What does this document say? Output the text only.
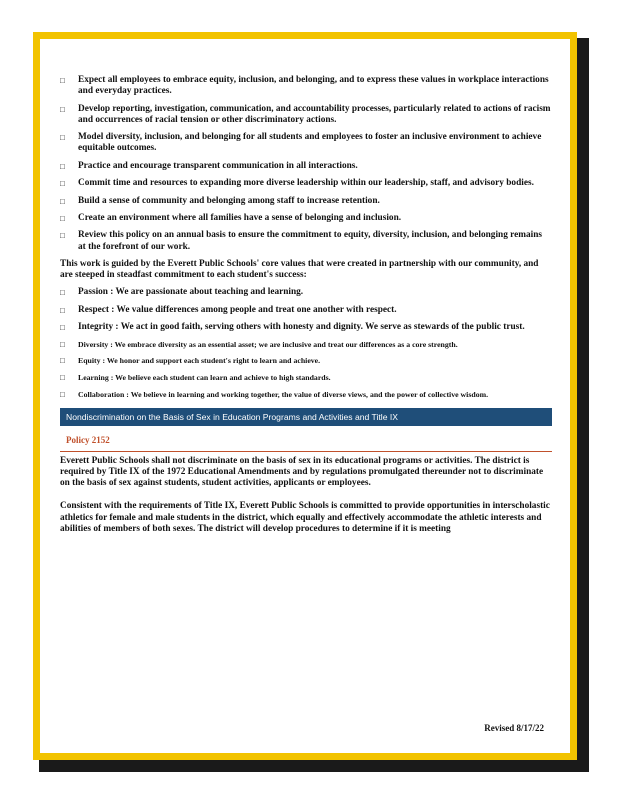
□ Expect all employees to embrace equity, inclusion, and belonging, and to express these values in workplace interactions and everyday practices.
□ Develop reporting, investigation, communication, and accountability processes, particularly related to actions of racism and occurrences of racial tension or other discriminatory actions.
□ Model diversity, inclusion, and belonging for all students and employees to foster an inclusive environment to achieve equitable outcomes.
□ Practice and encourage transparent communication in all interactions.
□ Commit time and resources to expanding more diverse leadership within our leadership, staff, and advisory bodies.
□ Build a sense of community and belonging among staff to increase retention.
□ Create an environment where all families have a sense of belonging and inclusion.
□ Review this policy on an annual basis to ensure the commitment to equity, diversity, inclusion, and belonging remains at the forefront of our work.

This work is guided by the Everett Public Schools' core values that were created in partnership with our community, and are steeped in steadfast commitment to each student's success:

□ Passion : We are passionate about teaching and learning.
□ Respect : We value differences among people and treat one another with respect.
□ Integrity : We act in good faith, serving others with honesty and dignity. We serve as stewards of the public trust.
□ Diversity : We embrace diversity as an essential asset; we are inclusive and treat our differences as a core strength.
□ Equity : We honor and support each student's right to learn and achieve.
□ Learning : We believe each student can learn and achieve to high standards.
□ Collaboration : We believe in learning and working together, the value of diverse views, and the power of collective wisdom.
Nondiscrimination on the Basis of Sex in Education Programs and Activities and Title IX
Policy 2152

Everett Public Schools shall not discriminate on the basis of sex in its educational programs or activities. The district is required by Title IX of the 1972 Educational Amendments and by regulations promulgated thereunder not to discriminate on the basis of sex against students, student activities, applicants or employees.

Consistent with the requirements of Title IX, Everett Public Schools is committed to provide opportunities in interscholastic athletics for female and male students in the district, which equally and effectively accommodate the athletic interests and abilities of members of both sexes. The district will develop procedures to determine if it is meeting

Revised 8/17/22
